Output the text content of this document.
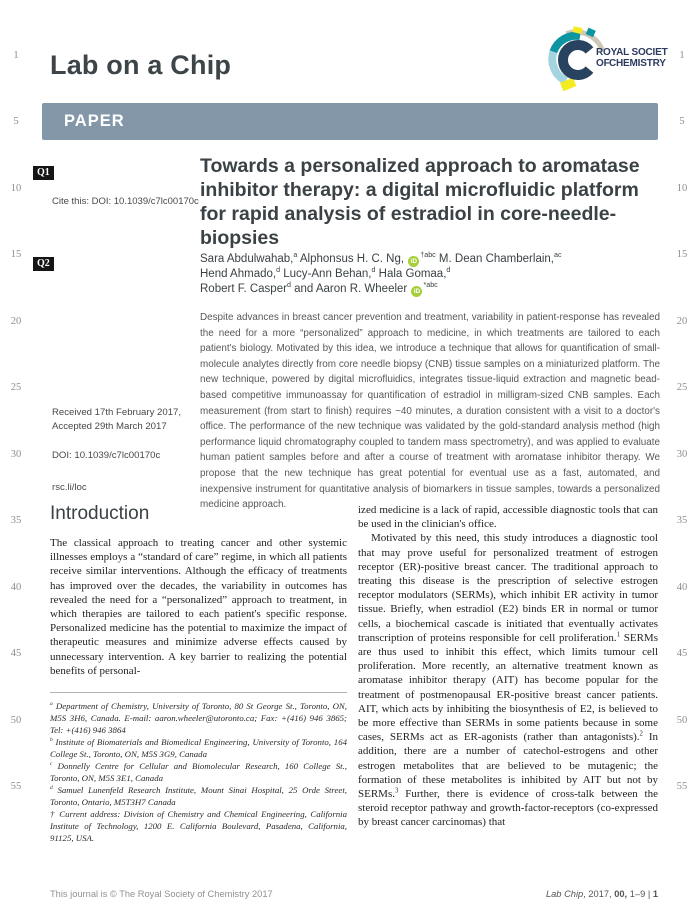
1
5
10
15
20
25
30
35
40
45
50
55
1
5
10
15
20
25
30
35
40
45
50
55
Lab on a Chip	ROYAL SOCIETY
OF CHEMISTRY
PAPER
Q1
Q2
Cite this: DOI: 10.1039/c7lc00170c
Towards a personalized approach to aromatase inhibitor therapy: a digital microfluidic platform for rapid analysis of estradiol in core-needle-biopsies
Sara Abdulwahab,$^a$ Alphonsus H. C. Ng, $iD^{\dagger abc}$ M. Dean Chamberlain,$^{ac}$
Hend Ahmado,$^d$ Lucy-Ann Behan,$^d$ Hala Gomaa,$^d$
Robert F. Casper$^d$ and Aaron R. Wheeler $iD^{*abc}$

Despite advances in breast cancer prevention and treatment, variability in patient-response has revealed the need for a more “personalized” approach to medicine, in which treatments are tailored to each patient's biology. Motivated by this idea, we introduce a technique that allows for quantification of small-molecule analytes directly from core needle biopsy (CNB) tissue samples on a miniaturized platform. The new technique, powered by digital microfluidics, integrates tissue-liquid extraction and magnetic bead-based competitive immunoassay for quantification of estradiol in milligram-sized CNB samples. Each measurement (from start to finish) requires ~40 minutes, a duration consistent with a visit to a doctor's office. The performance of the new technique was validated by the gold-standard analysis method (high performance liquid chromatography coupled to tandem mass spectrometry), and was applied to evaluate human patient samples before and after a course of treatment with aromatase inhibitor therapy. We propose that the new technique has great potential for eventual use as a fast, automated, and inexpensive instrument for quantitative analysis of biomarkers in tissue samples, towards a personalized medicine approach.

Received 17th February 2017,
Accepted 29th March 2017
DOI: 10.1039/c7lc00170c
rsc.li/loc
Introduction

The classical approach to treating cancer and other systemic illnesses employs a “standard of care” regime, in which all patients receive similar interventions. Although the efficacy of treatments has improved over the decades, the variability in outcomes has revealed the need for a “personalized” approach to treatment, in which therapies are tailored to each patient's specific response. Personalized medicine has the potential to maximize the impact of therapeutic measures and minimize adverse effects caused by unnecessary intervention. A key barrier to realizing the potential benefits of personal-

$^a$ Department of Chemistry, University of Toronto, 80 St George St., Toronto, ON, M5S 3H6, Canada. E-mail: aaron.wheeler@utoronto.ca; Fax: +(416) 946 3865; Tel: +(416) 946 3864

$^b$ Institute of Biomaterials and Biomedical Engineering, University of Toronto, 164 College St., Toronto, ON, M5S 3G9, Canada

$^c$ Donnelly Centre for Cellular and Biomolecular Research, 160 College St., Toronto, ON, M5S 3E1, Canada

$^d$ Samuel Lunenfeld Research Institute, Mount Sinai Hospital, 25 Orde Street, Toronto, Ontario, M5T3H7 Canada

† Current address: Division of Chemistry and Chemical Engineering, California Institute of Technology, 1200 E. California Boulevard, Pasadena, California, 91125, USA.

ized medicine is a lack of rapid, accessible diagnostic tools that can be used in the clinician's office.

Motivated by this need, this study introduces a diagnostic tool that may prove useful for personalized treatment of estrogen receptor (ER)-positive breast cancer. The traditional approach to treating this disease is the prescription of selective estrogen receptor modulators (SERMs), which inhibit ER activity in tumor tissue. Briefly, when estradiol (E2) binds ER in normal or tumor cells, a biochemical cascade is initiated that eventually activates transcription of proteins responsible for cell proliferation.$^1$ SERMs are thus used to inhibit this effect, which limits tumour cell proliferation. More recently, an alternative treatment known as aromatase inhibitor therapy (AIT) has become popular for the treatment of postmenopausal ER-positive breast cancer patients. AIT, which acts by inhibiting the biosynthesis of E2, is believed to be more effective than SERMs in some patients because in some cases, SERMs act as ER-agonists (rather than antagonists).$^2$ In addition, there are a number of catechol-estrogens and other estrogen metabolites that are believed to be mutagenic; the formation of these metabolites is inhibited by AIT but not by SERMs.$^3$ Further, there is evidence of cross-talk between the steroid receptor pathway and growth-factor-receptors (co-expressed by breast cancer carcinomas) that

This journal is © The Royal Society of Chemistry 2017	Lab Chip, 2017, 00, 1–9 | 1
